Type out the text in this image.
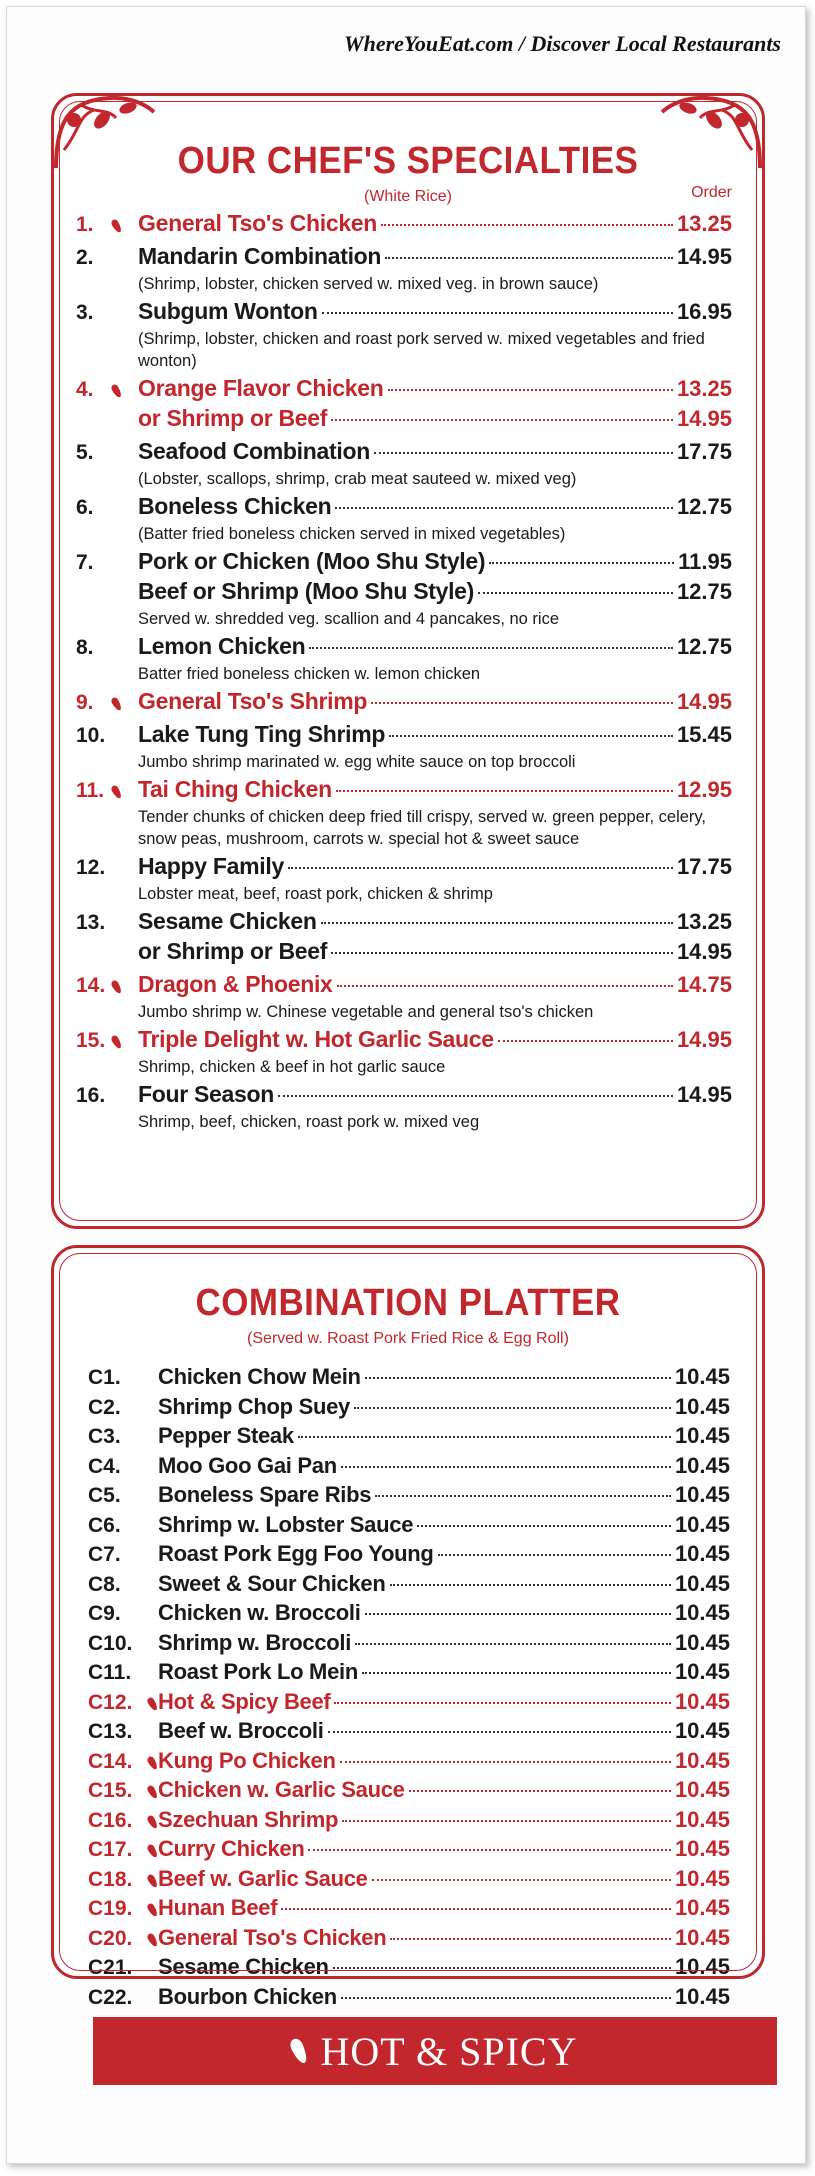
WhereYouEat.com / Discover Local Restaurants
OUR CHEF'S SPECIALTIES
(White Rice)	Order
1.	General Tso's Chicken	13.25
2.	Mandarin Combination	14.95
(Shrimp, lobster, chicken served w. mixed veg. in brown sauce)
3.	Subgum Wonton	16.95
(Shrimp, lobster, chicken and roast pork served w. mixed vegetables and fried wonton)
4.	Orange Flavor Chicken	13.25
or Shrimp or Beef	14.95
5.	Seafood Combination	17.75
(Lobster, scallops, shrimp, crab meat sauteed w. mixed veg)
6.	Boneless Chicken	12.75
(Batter fried boneless chicken served in mixed vegetables)
7.	Pork or Chicken (Moo Shu Style)	11.95
Beef or Shrimp (Moo Shu Style)	12.75
Served w. shredded veg. scallion and 4 pancakes, no rice
8.	Lemon Chicken	12.75
Batter fried boneless chicken w. lemon chicken
9.	General Tso's Shrimp	14.95
10.	Lake Tung Ting Shrimp	15.45
Jumbo shrimp marinated w. egg white sauce on top broccoli
11.	Tai Ching Chicken	12.95
Tender chunks of chicken deep fried till crispy, served w. green pepper, celery, snow peas, mushroom, carrots w. special hot & sweet sauce
12.	Happy Family	17.75
Lobster meat, beef, roast pork, chicken & shrimp
13.	Sesame Chicken	13.25
or Shrimp or Beef	14.95
14.	Dragon & Phoenix	14.75
Jumbo shrimp w. Chinese vegetable and general tso's chicken
15.	Triple Delight w. Hot Garlic Sauce	14.95
Shrimp, chicken & beef in hot garlic sauce
16.	Four Season	14.95
Shrimp, beef, chicken, roast pork w. mixed veg
COMBINATION PLATTER
(Served w. Roast Pork Fried Rice & Egg Roll)
C1.	Chicken Chow Mein	10.45
C2.	Shrimp Chop Suey	10.45
C3.	Pepper Steak	10.45
C4.	Moo Goo Gai Pan	10.45
C5.	Boneless Spare Ribs	10.45
C6.	Shrimp w. Lobster Sauce	10.45
C7.	Roast Pork Egg Foo Young	10.45
C8.	Sweet & Sour Chicken	10.45
C9.	Chicken w. Broccoli	10.45
C10.	Shrimp w. Broccoli	10.45
C11.	Roast Pork Lo Mein	10.45
C12.	Hot & Spicy Beef	10.45
C13.	Beef w. Broccoli	10.45
C14.	Kung Po Chicken	10.45
C15.	Chicken w. Garlic Sauce	10.45
C16.	Szechuan Shrimp	10.45
C17.	Curry Chicken	10.45
C18.	Beef w. Garlic Sauce	10.45
C19.	Hunan Beef	10.45
C20.	General Tso's Chicken	10.45
C21.	Sesame Chicken	10.45
C22.	Bourbon Chicken	10.45
HOT & SPICY
